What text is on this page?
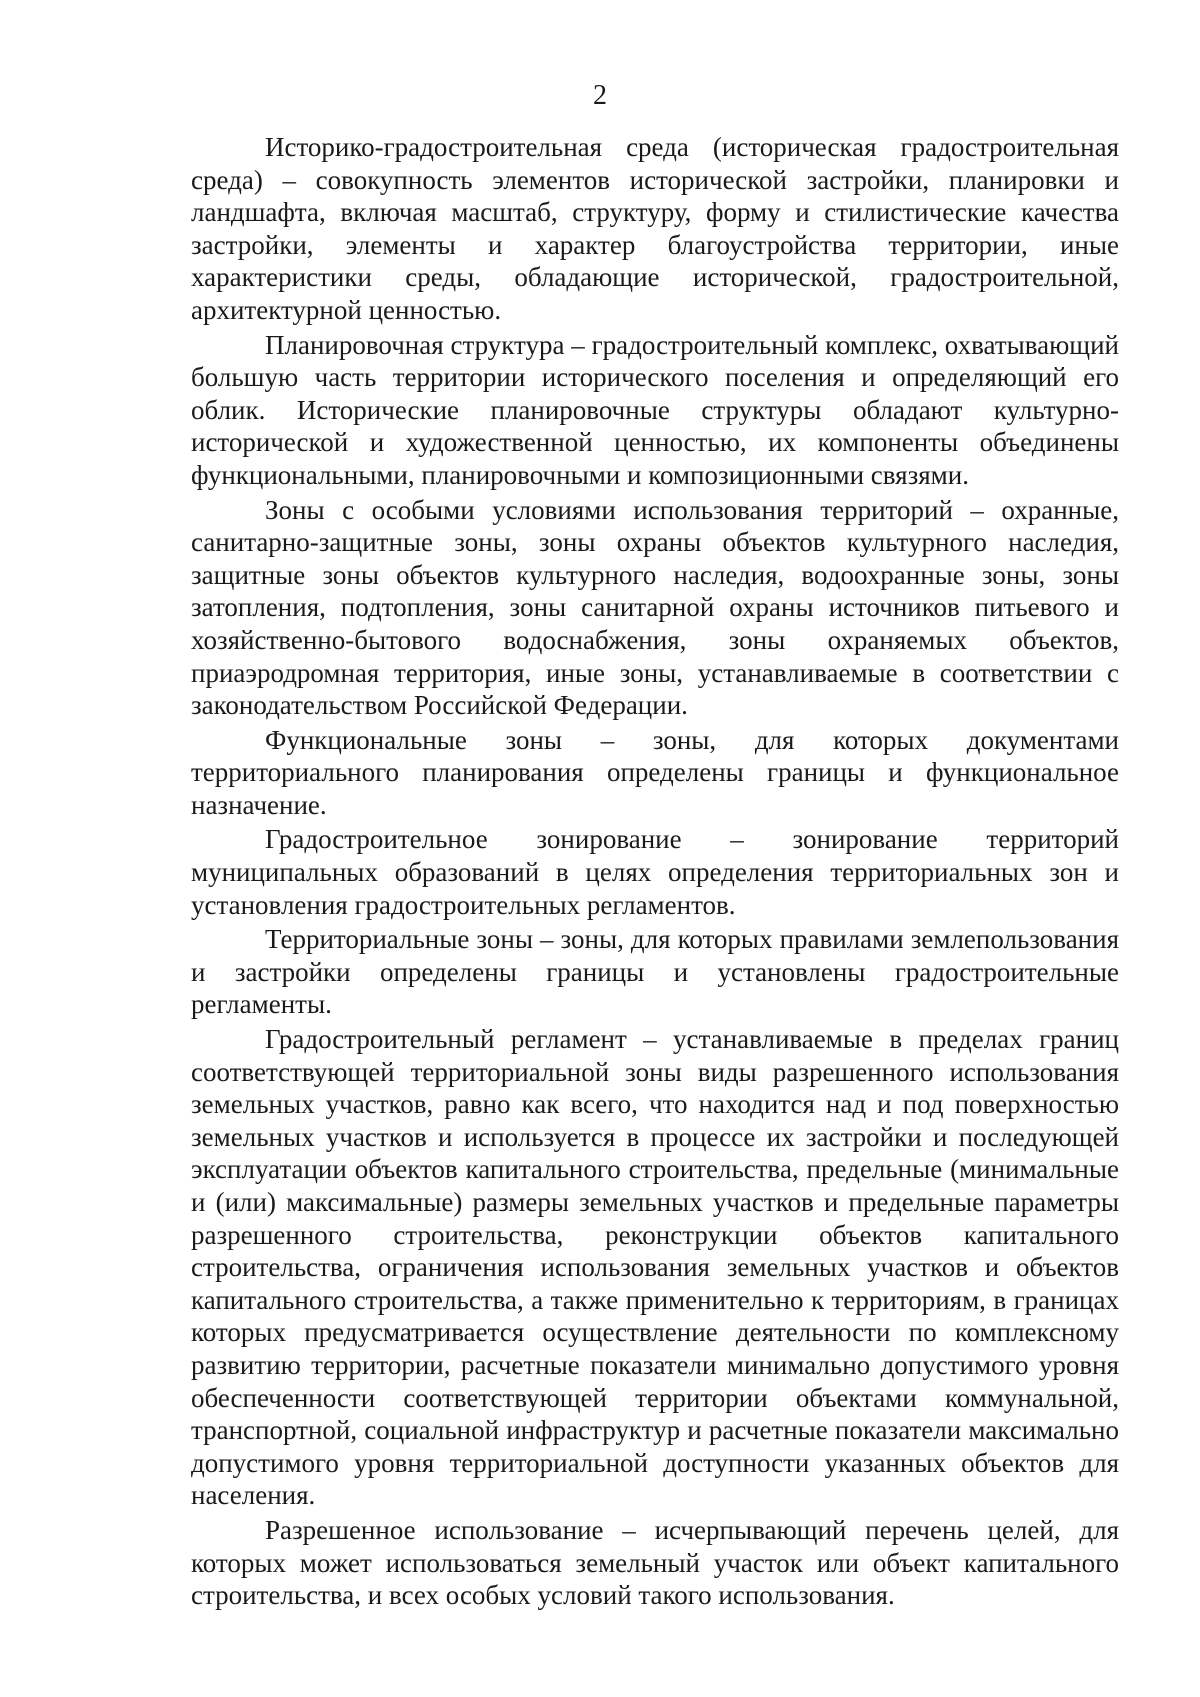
2

Историко-градостроительная среда (историческая градостроительная среда) – совокупность элементов исторической застройки, планировки и ландшафта, включая масштаб, структуру, форму и стилистические качества застройки, элементы и характер благоустройства территории, иные характеристики среды, обладающие исторической, градостроительной, архитектурной ценностью.

Планировочная структура – градостроительный комплекс, охватывающий большую часть территории исторического поселения и определяющий его облик. Исторические планировочные структуры обладают культурно-исторической и художественной ценностью, их компоненты объединены функциональными, планировочными и композиционными связями.

Зоны с особыми условиями использования территорий – охранные, санитарно-защитные зоны, зоны охраны объектов культурного наследия, защитные зоны объектов культурного наследия, водоохранные зоны, зоны затопления, подтопления, зоны санитарной охраны источников питьевого и хозяйственно-бытового водоснабжения, зоны охраняемых объектов, приаэродромная территория, иные зоны, устанавливаемые в соответствии с законодательством Российской Федерации.

Функциональные зоны – зоны, для которых документами территориального планирования определены границы и функциональное назначение.

Градостроительное зонирование – зонирование территорий муниципальных образований в целях определения территориальных зон и установления градостроительных регламентов.

Территориальные зоны – зоны, для которых правилами землепользования и застройки определены границы и установлены градостроительные регламенты.

Градостроительный регламент – устанавливаемые в пределах границ соответствующей территориальной зоны виды разрешенного использования земельных участков, равно как всего, что находится над и под поверхностью земельных участков и используется в процессе их застройки и последующей эксплуатации объектов капитального строительства, предельные (минимальные и (или) максимальные) размеры земельных участков и предельные параметры разрешенного строительства, реконструкции объектов капитального строительства, ограничения использования земельных участков и объектов капитального строительства, а также применительно к территориям, в границах которых предусматривается осуществление деятельности по комплексному развитию территории, расчетные показатели минимально допустимого уровня обеспеченности соответствующей территории объектами коммунальной, транспортной, социальной инфраструктур и расчетные показатели максимально допустимого уровня территориальной доступности указанных объектов для населения.

Разрешенное использование – исчерпывающий перечень целей, для которых может использоваться земельный участок или объект капитального строительства, и всех особых условий такого использования.
